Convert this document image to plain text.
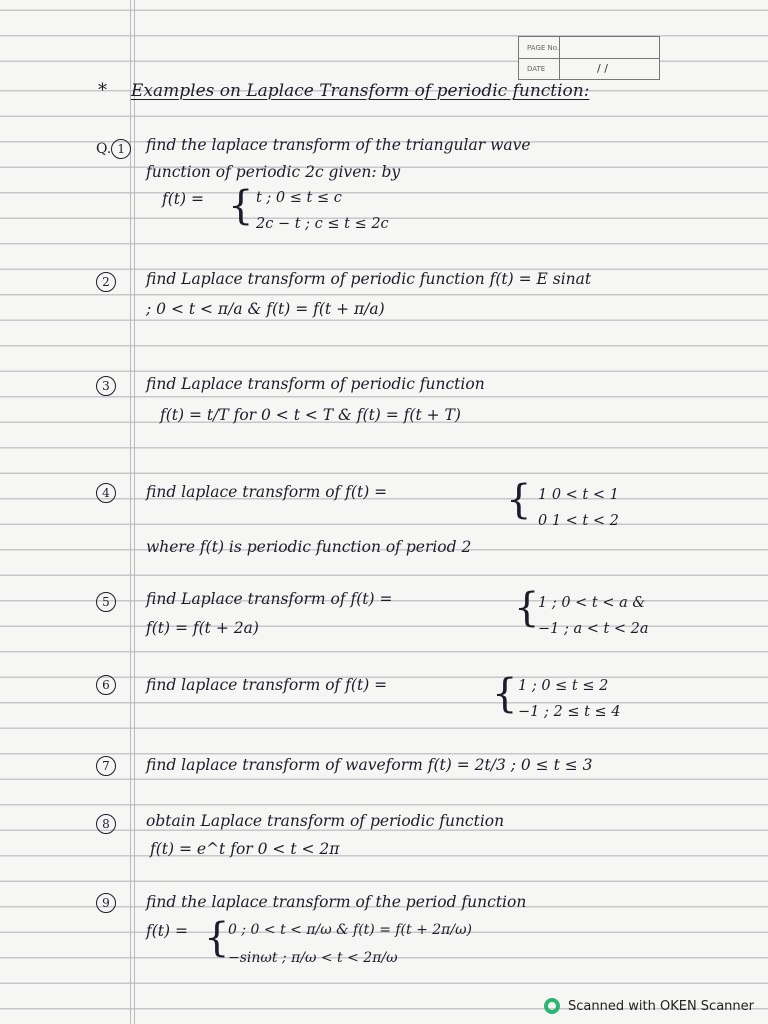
PAGE No.
DATE	/ /
* Examples on Laplace Transform of periodic function:
Q. 1	find the laplace transform of the triangular wave
function of periodic 2c given: by
f(t) = { t ; 0 ≤ t ≤ c
2c − t ; c ≤ t ≤ 2c
2	find Laplace transform of periodic function f(t) = E sinat
; 0 < t < π/a & f(t) = f(t + π/a)
3	find Laplace transform of periodic function
f(t) = t/T for 0 < t < T & f(t) = f(t + T)
4	find laplace transform of f(t) =	{ 1 0 < t < 1
0 1 < t < 2
where f(t) is periodic function of period 2
5	find Laplace transform of f(t) =	{
1 ; 0 < t < a &
−1 ; a < t < 2a
f(t) = f(t + 2a)
6	find laplace transform of f(t) =	{ 1 ; 0 ≤ t ≤ 2
−1 ; 2 ≤ t ≤ 4
7	find laplace transform of waveform f(t) = 2t/3 ; 0 ≤ t ≤ 3
8	obtain Laplace transform of periodic function
f(t) = e^t for 0 < t < 2π
9	find the laplace transform of the period function
f(t) = {
0 ; 0 < t < π/ω & f(t) = f(t + 2π/ω)
−sinωt ; π/ω < t < 2π/ω
Scanned with OKEN Scanner
